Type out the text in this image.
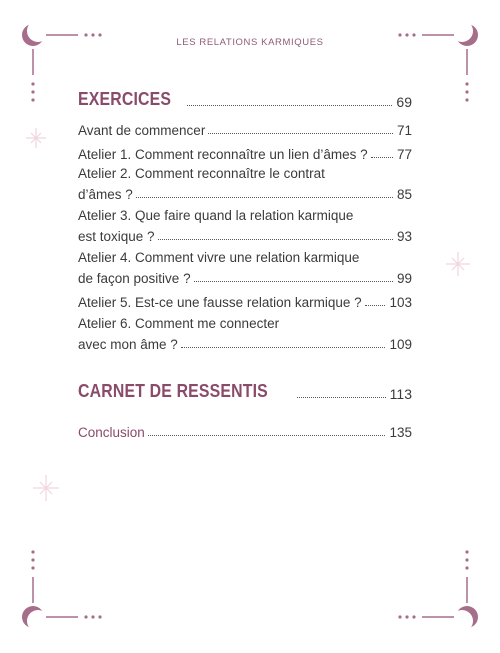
LES RELATIONS KARMIQUES
EXERCICES	69
Avant de commencer	71
Atelier 1. Comment reconnaître un lien d’âmes ? 77
Atelier 2. Comment reconnaître le contrat
d’âmes ?	85
Atelier 3. Que faire quand la relation karmique
est toxique ?	93
Atelier 4. Comment vivre une relation karmique
de façon positive ?	99
Atelier 5. Est-ce une fausse relation karmique ? 103
Atelier 6. Comment me connecter
avec mon âme ?	109
CARNET DE RESSENTIS	113
Conclusion	135
